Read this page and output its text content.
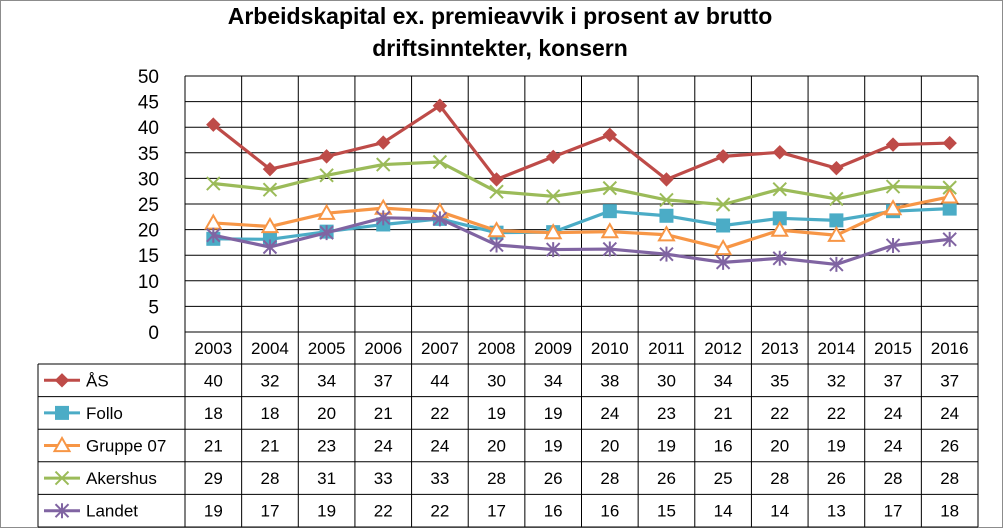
Arbeidskapital ex. premieavvik i prosent av brutto
driftsinntekter, konsern
0
5
10
15
20
25
30
35
40
45
50
2003 2004 2005 2006 2007 2008 2009 2010 2011 2012 2013 2014 2015 2016
ÅS	40 32 34 37 44 30 34 38 30 34 35 32 37 37
Follo	18 18 20 21 22 19 19 24 23 21 22 22 24 24
Gruppe 07 21 21 23 24 24 20 19 20 19 16 20 19 24 26
Akershus	29 28 31 33 33 28 26 28 26 25 28 26 28 28
Landet	19 17 19 22 22 17 16 16 15 14 14 13 17 18
